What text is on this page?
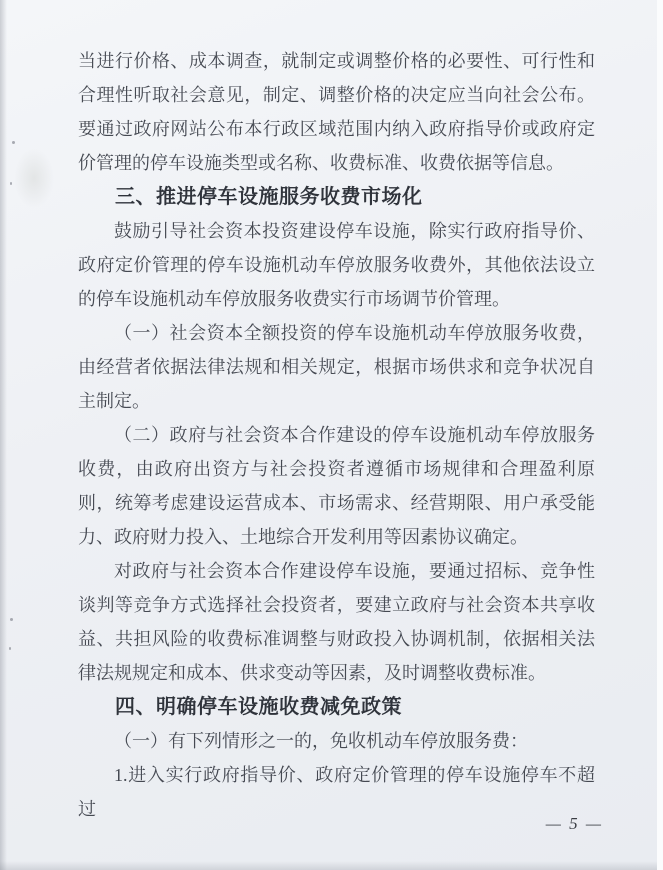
当进行价格、成本调查，就制定或调整价格的必要性、可行性和合理性听取社会意见，制定、调整价格的决定应当向社会公布。要通过政府网站公布本行政区域范围内纳入政府指导价或政府定价管理的停车设施类型或名称、收费标准、收费依据等信息。
三、推进停车设施服务收费市场化
鼓励引导社会资本投资建设停车设施，除实行政府指导价、政府定价管理的停车设施机动车停放服务收费外，其他依法设立的停车设施机动车停放服务收费实行市场调节价管理。
（一）社会资本全额投资的停车设施机动车停放服务收费，由经营者依据法律法规和相关规定，根据市场供求和竞争状况自主制定。
（二）政府与社会资本合作建设的停车设施机动车停放服务收费，由政府出资方与社会投资者遵循市场规律和合理盈利原则，统筹考虑建设运营成本、市场需求、经营期限、用户承受能力、政府财力投入、土地综合开发利用等因素协议确定。
对政府与社会资本合作建设停车设施，要通过招标、竞争性谈判等竞争方式选择社会投资者，要建立政府与社会资本共享收益、共担风险的收费标准调整与财政投入协调机制，依据相关法律法规规定和成本、供求变动等因素，及时调整收费标准。
四、明确停车设施收费减免政策
（一）有下列情形之一的，免收机动车停放服务费：
1.进入实行政府指导价、政府定价管理的停车设施停车不超过
— 5 —
